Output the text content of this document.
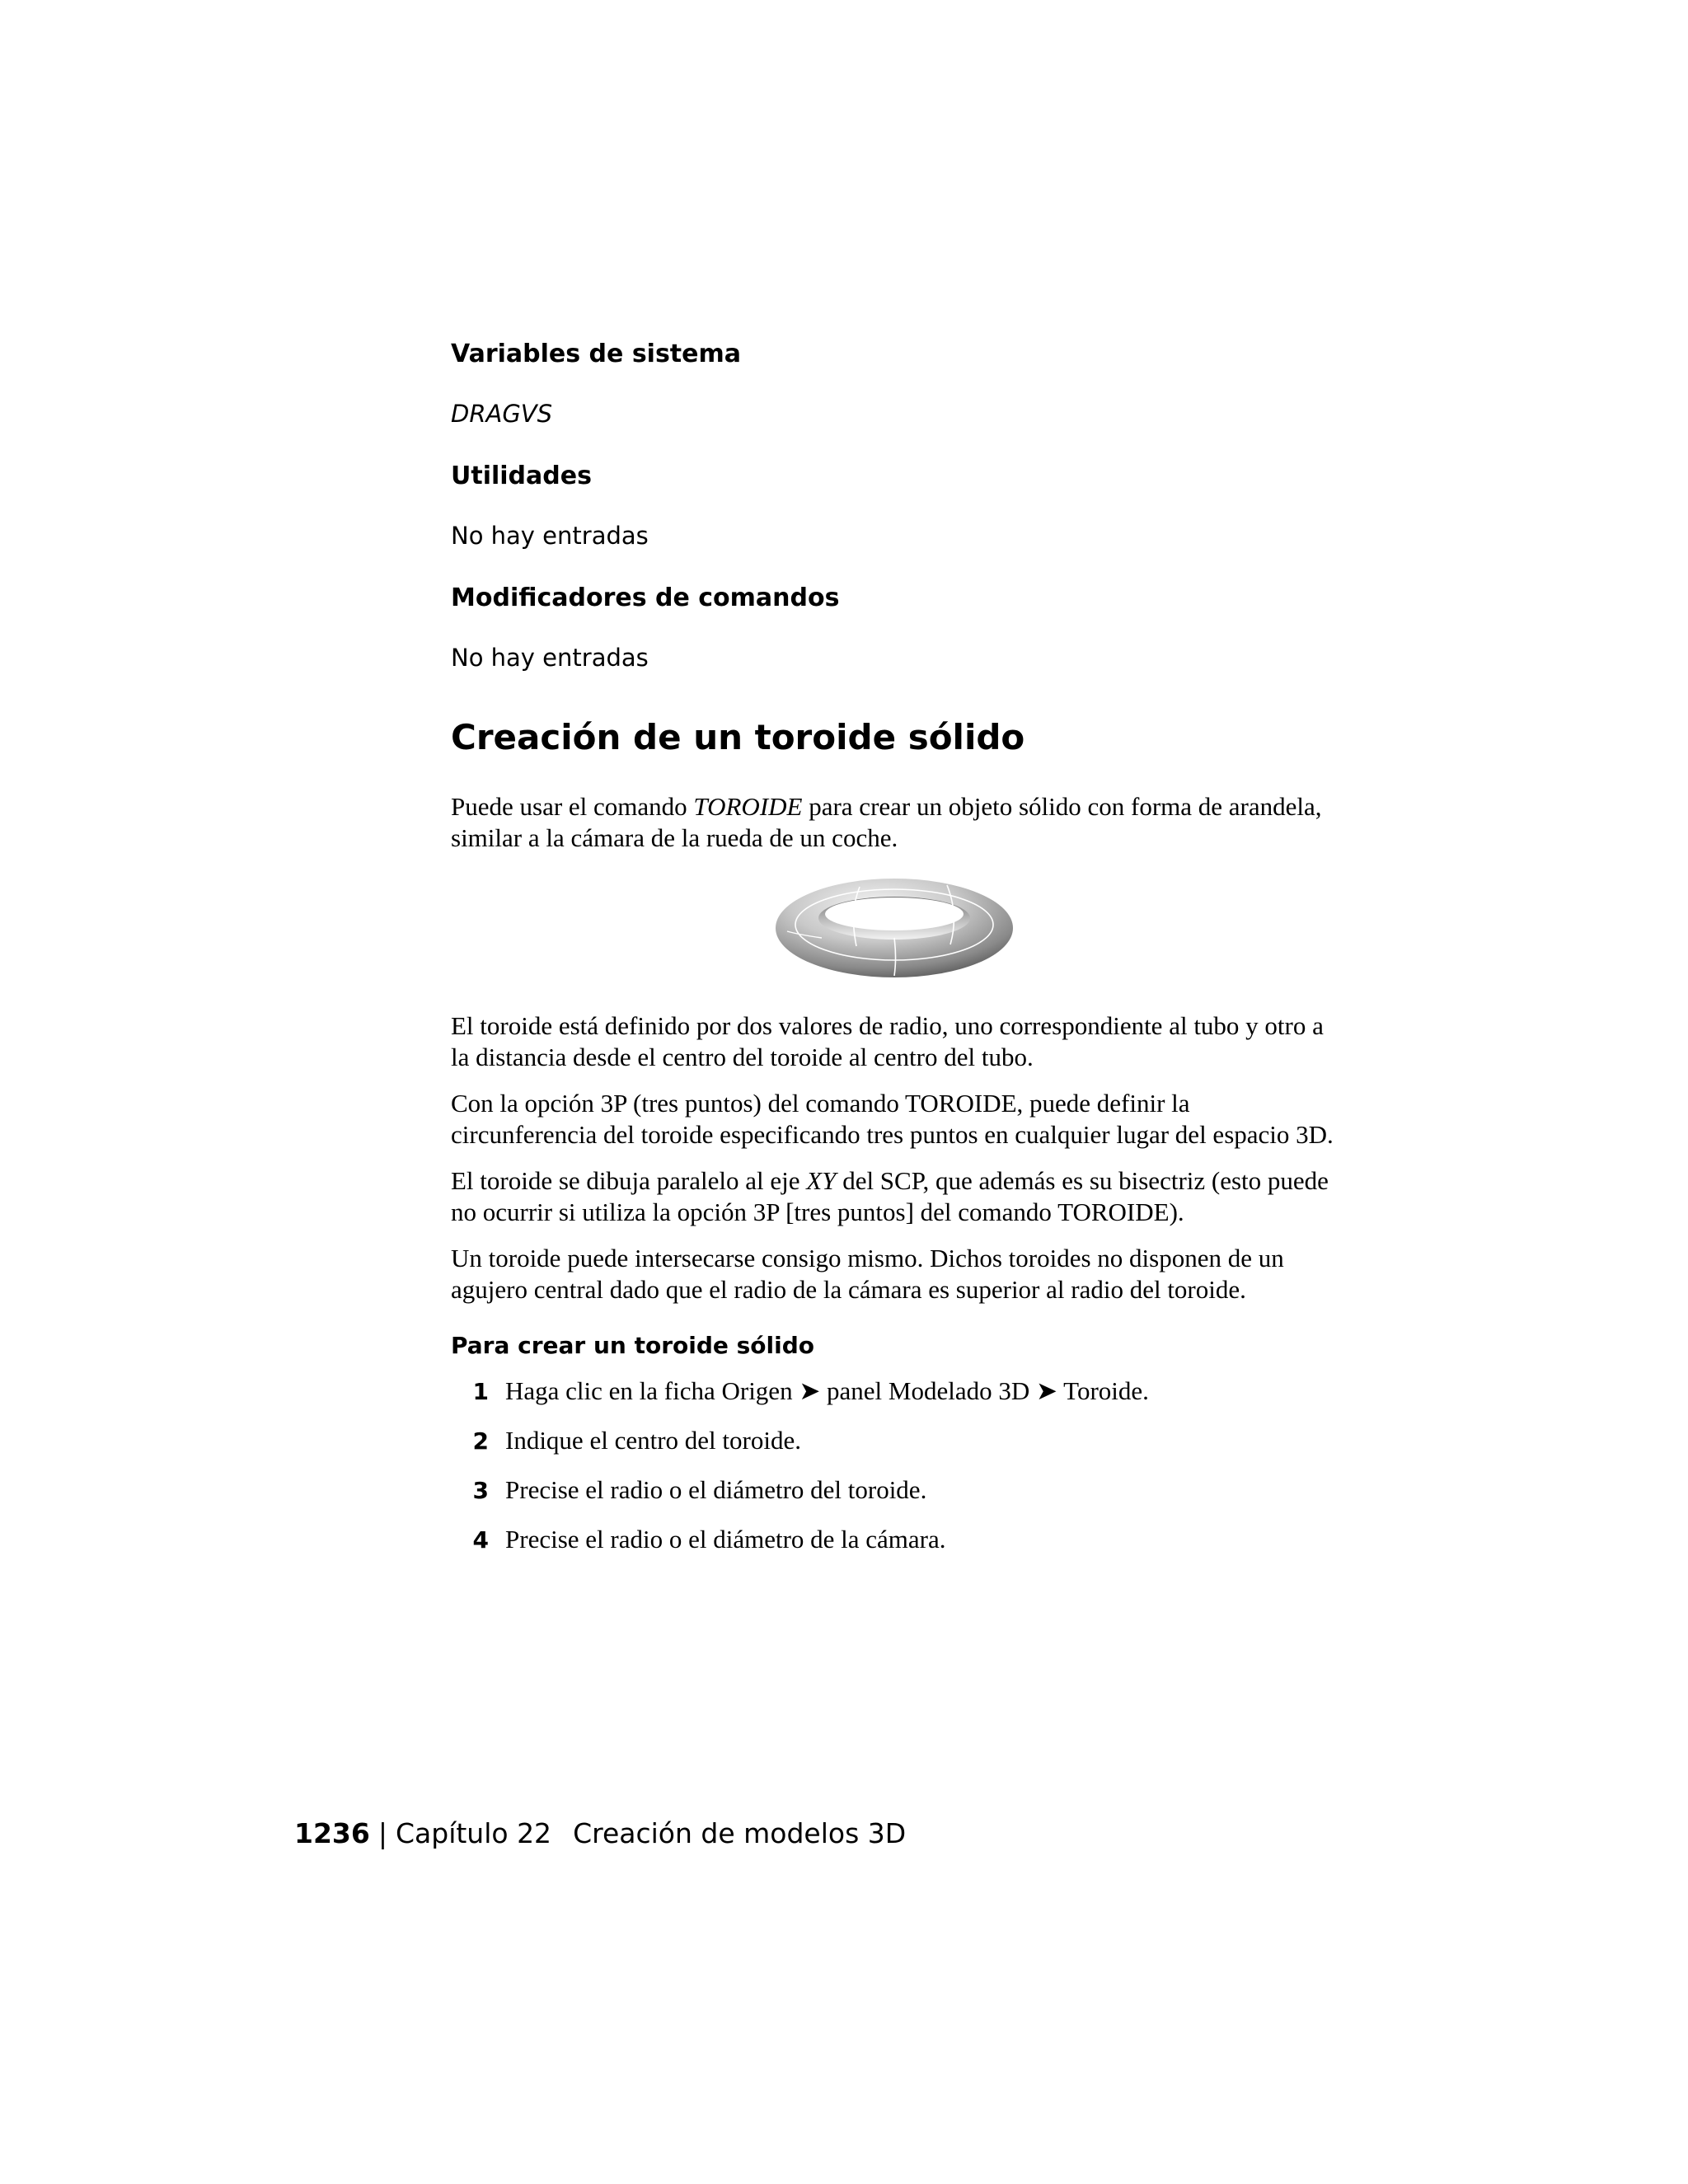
Variables de sistema

DRAGVS

Utilidades

No hay entradas

Modificadores de comandos

No hay entradas

Creación de un toroide sólido

Puede usar el comando TOROIDE para crear un objeto sólido con forma de arandela, similar a la cámara de la rueda de un coche.

El toroide está definido por dos valores de radio, uno correspondiente al tubo y otro a la distancia desde el centro del toroide al centro del tubo.

Con la opción 3P (tres puntos) del comando TOROIDE, puede definir la circunferencia del toroide especificando tres puntos en cualquier lugar del espacio 3D.

El toroide se dibuja paralelo al eje XY del SCP, que además es su bisectriz (esto puede no ocurrir si utiliza la opción 3P [tres puntos] del comando TOROIDE).

Un toroide puede intersecarse consigo mismo. Dichos toroides no disponen de un agujero central dado que el radio de la cámara es superior al radio del toroide.

Para crear un toroide sólido
1 Haga clic en la ficha Origen ➤ panel Modelado 3D ➤ Toroide.
2 Indique el centro del toroide.
3 Precise el radio o el diámetro del toroide.
4 Precise el radio o el diámetro de la cámara.
1236 | Capítulo 22 Creación de modelos 3D
